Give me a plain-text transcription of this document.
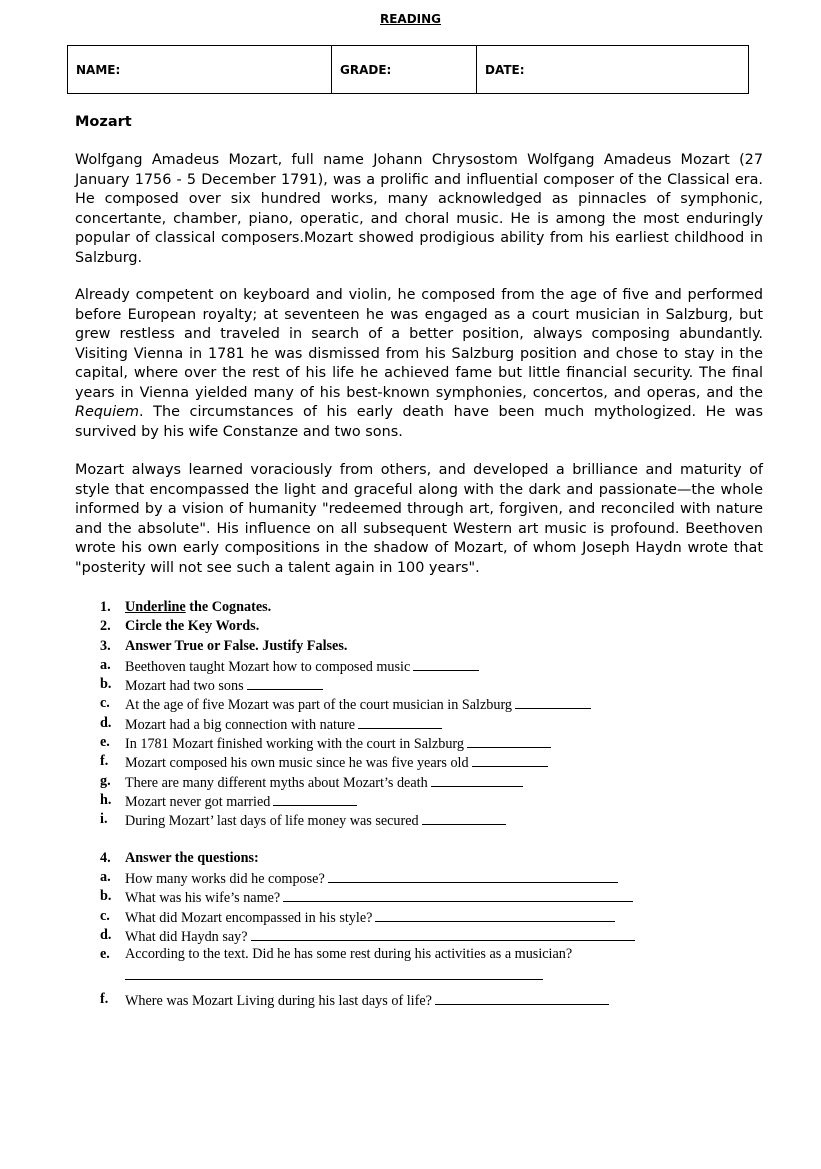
READING
NAME:	GRADE:	DATE:
Mozart

Wolfgang Amadeus Mozart, full name Johann Chrysostom Wolfgang Amadeus Mozart (27 January 1756 - 5 December 1791), was a prolific and influential composer of the Classical era. He composed over six hundred works, many acknowledged as pinnacles of symphonic, concertante, chamber, piano, operatic, and choral music. He is among the most enduringly popular of classical composers.Mozart showed prodigious ability from his earliest childhood in Salzburg.

Already competent on keyboard and violin, he composed from the age of five and performed before European royalty; at seventeen he was engaged as a court musician in Salzburg, but grew restless and traveled in search of a better position, always composing abundantly. Visiting Vienna in 1781 he was dismissed from his Salzburg position and chose to stay in the capital, where over the rest of his life he achieved fame but little financial security. The final years in Vienna yielded many of his best-known symphonies, concertos, and operas, and the Requiem. The circumstances of his early death have been much mythologized. He was survived by his wife Constanze and two sons.

Mozart always learned voraciously from others, and developed a brilliance and maturity of style that encompassed the light and graceful along with the dark and passionate—the whole informed by a vision of humanity "redeemed through art, forgiven, and reconciled with nature and the absolute". His influence on all subsequent Western art music is profound. Beethoven wrote his own early compositions in the shadow of Mozart, of whom Joseph Haydn wrote that "posterity will not see such a talent again in 100 years".

1.	Underline the Cognates.
2.	Circle the Key Words.
3.	Answer True or False. Justify Falses.
a.	Beethoven taught Mozart how to composed music
b. Mozart had two sons
c.	At the age of five Mozart was part of the court musician in Salzburg
d. Mozart had a big connection with nature
e.	In 1781 Mozart finished working with the court in Salzburg
f.	Mozart composed his own music since he was five years old
g.	There are many different myths about Mozart’s death
h. Mozart never got married
i.	During Mozart’ last days of life money was secured
4.	Answer the questions:
a.	How many works did he compose?
b. What was his wife’s name?
c.	What did Mozart encompassed in his style?
d. What did Haydn say?
e.	According to the text. Did he has some rest during his activities as a musician?
f.	Where was Mozart Living during his last days of life?
